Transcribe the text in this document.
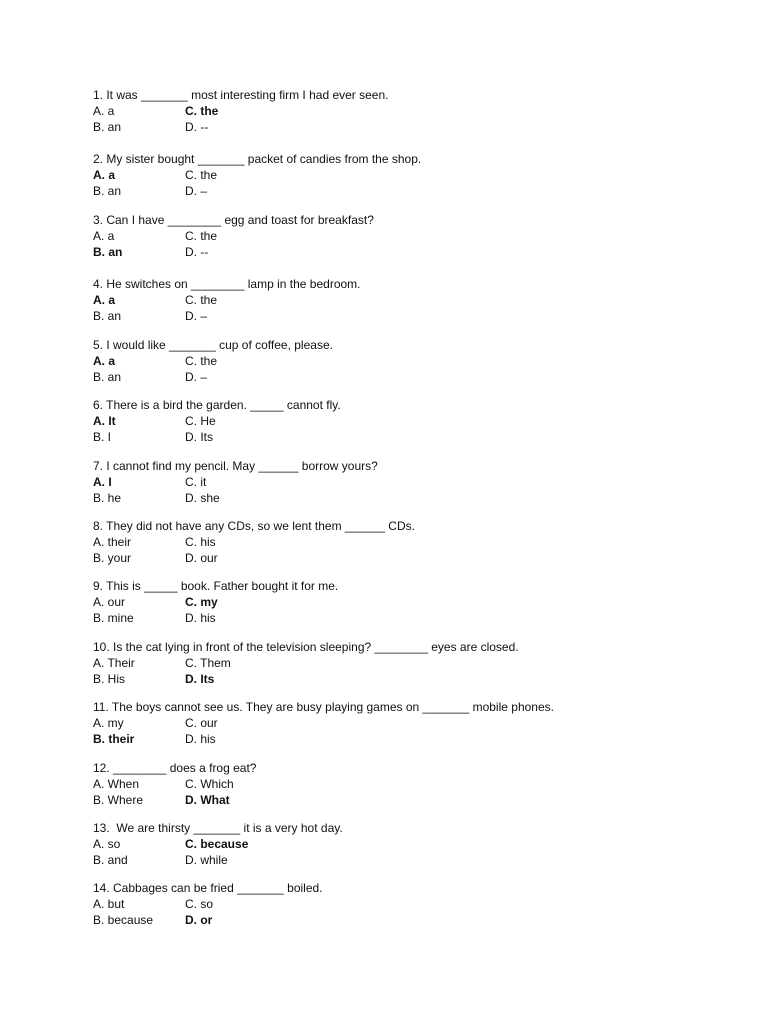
1. It was _______ most interesting firm I had ever seen.
A. a	C. the
B. an	D. --
2. My sister bought _______ packet of candies from the shop.
A. a	C. the
B. an	D. –
3. Can I have ________ egg and toast for breakfast?
A. a	C. the
B. an	D. --
4. He switches on ________ lamp in the bedroom.
A. a	C. the
B. an	D. –
5. I would like _______ cup of coffee, please.
A. a	C. the
B. an	D. –
6. There is a bird the garden. _____ cannot fly.
A. It	C. He
B. I	D. Its
7. I cannot find my pencil. May ______ borrow yours?
A. I	C. it
B. he	D. she
8. They did not have any CDs, so we lent them ______ CDs.
A. their	C. his
B. your	D. our
9. This is _____ book. Father bought it for me.
A. our	C. my
B. mine	D. his
10. Is the cat lying in front of the television sleeping? ________ eyes are closed.
A. Their	C. Them
B. His	D. Its
11. The boys cannot see us. They are busy playing games on _______ mobile phones.
A. my	C. our
B. their	D. his
12. ________ does a frog eat?
A. When	C. Which
B. Where	D. What
13.  We are thirsty _______ it is a very hot day.
A. so	C. because
B. and	D. while
14. Cabbages can be fried _______ boiled.
A. but	C. so
B. because	D. or
